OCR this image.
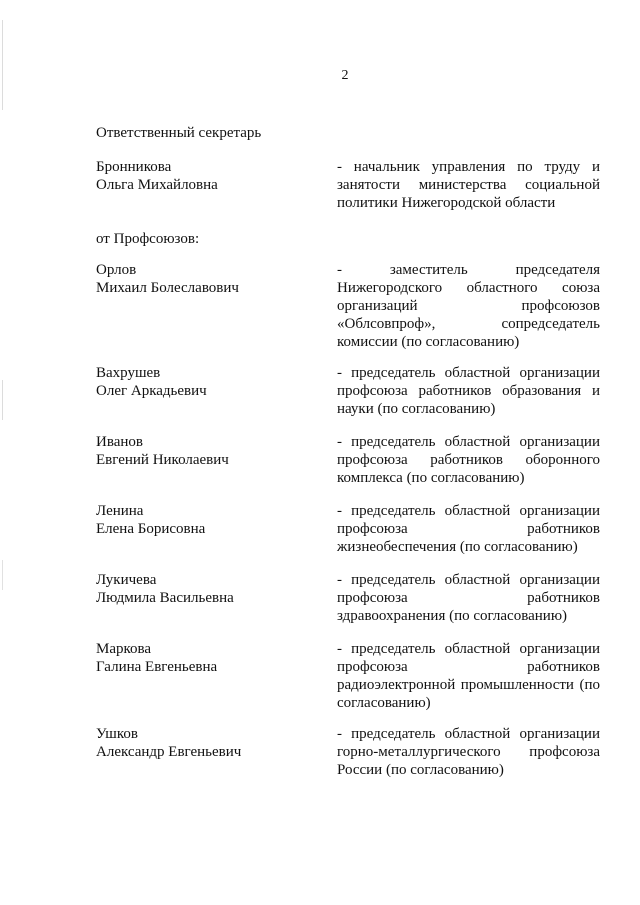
2
Ответственный секретарь
Бронникова
Ольга Михайловна
- начальник управления по труду и
занятости министерства социальной
политики Нижегородской области
от Профсоюзов:
Орлов
Михаил Болеславович
- заместитель председателя
Нижегородского областного союза
организаций профсоюзов
«Облсовпроф», сопредседатель
комиссии (по согласованию)
Вахрушев
Олег Аркадьевич
- председатель областной организации
профсоюза работников образования и
науки (по согласованию)
Иванов
Евгений Николаевич
- председатель областной организации
профсоюза работников оборонного
комплекса (по согласованию)
Ленина
Елена Борисовна
- председатель областной организации
профсоюза работников
жизнеобеспечения (по согласованию)
Лукичева
Людмила Васильевна
- председатель областной организации
профсоюза работников
здравоохранения (по согласованию)
Маркова
Галина Евгеньевна
- председатель областной организации
профсоюза работников
радиоэлектронной промышленности (по
согласованию)
Ушков
Александр Евгеньевич
- председатель областной организации
горно-металлургического профсоюза
России (по согласованию)
